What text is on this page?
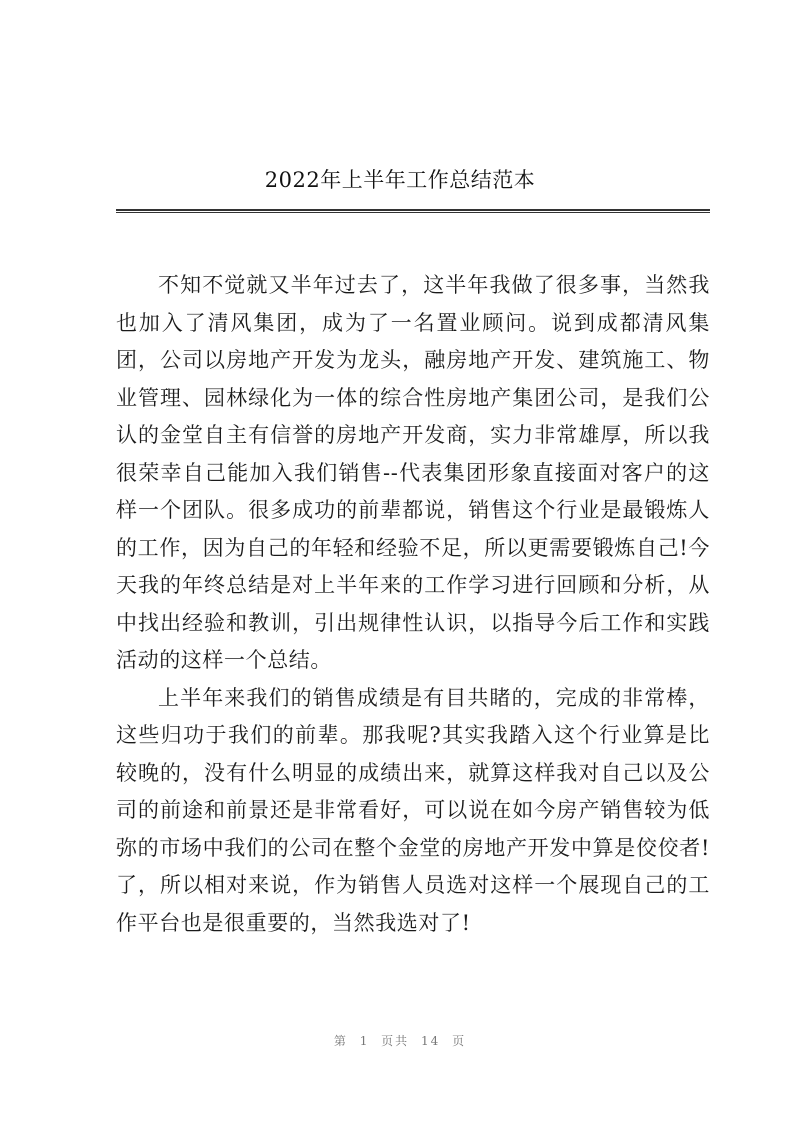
2022年上半年工作总结范本

不知不觉就又半年过去了，这半年我做了很多事，当然我也加入了清风集团，成为了一名置业顾问。说到成都清风集团，公司以房地产开发为龙头，融房地产开发、建筑施工、物业管理、园林绿化为一体的综合性房地产集团公司，是我们公认的金堂自主有信誉的房地产开发商，实力非常雄厚，所以我很荣幸自己能加入我们销售--代表集团形象直接面对客户的这样一个团队。很多成功的前辈都说，销售这个行业是最锻炼人的工作，因为自己的年轻和经验不足，所以更需要锻炼自己!今天我的年终总结是对上半年来的工作学习进行回顾和分析，从中找出经验和教训，引出规律性认识，以指导今后工作和实践活动的这样一个总结。

上半年来我们的销售成绩是有目共睹的，完成的非常棒，这些归功于我们的前辈。那我呢?其实我踏入这个行业算是比较晚的，没有什么明显的成绩出来，就算这样我对自己以及公司的前途和前景还是非常看好，可以说在如今房产销售较为低弥的市场中我们的公司在整个金堂的房地产开发中算是佼佼者!了，所以相对来说，作为销售人员选对这样一个展现自己的工作平台也是很重要的，当然我选对了!

第 1 页共 14 页
